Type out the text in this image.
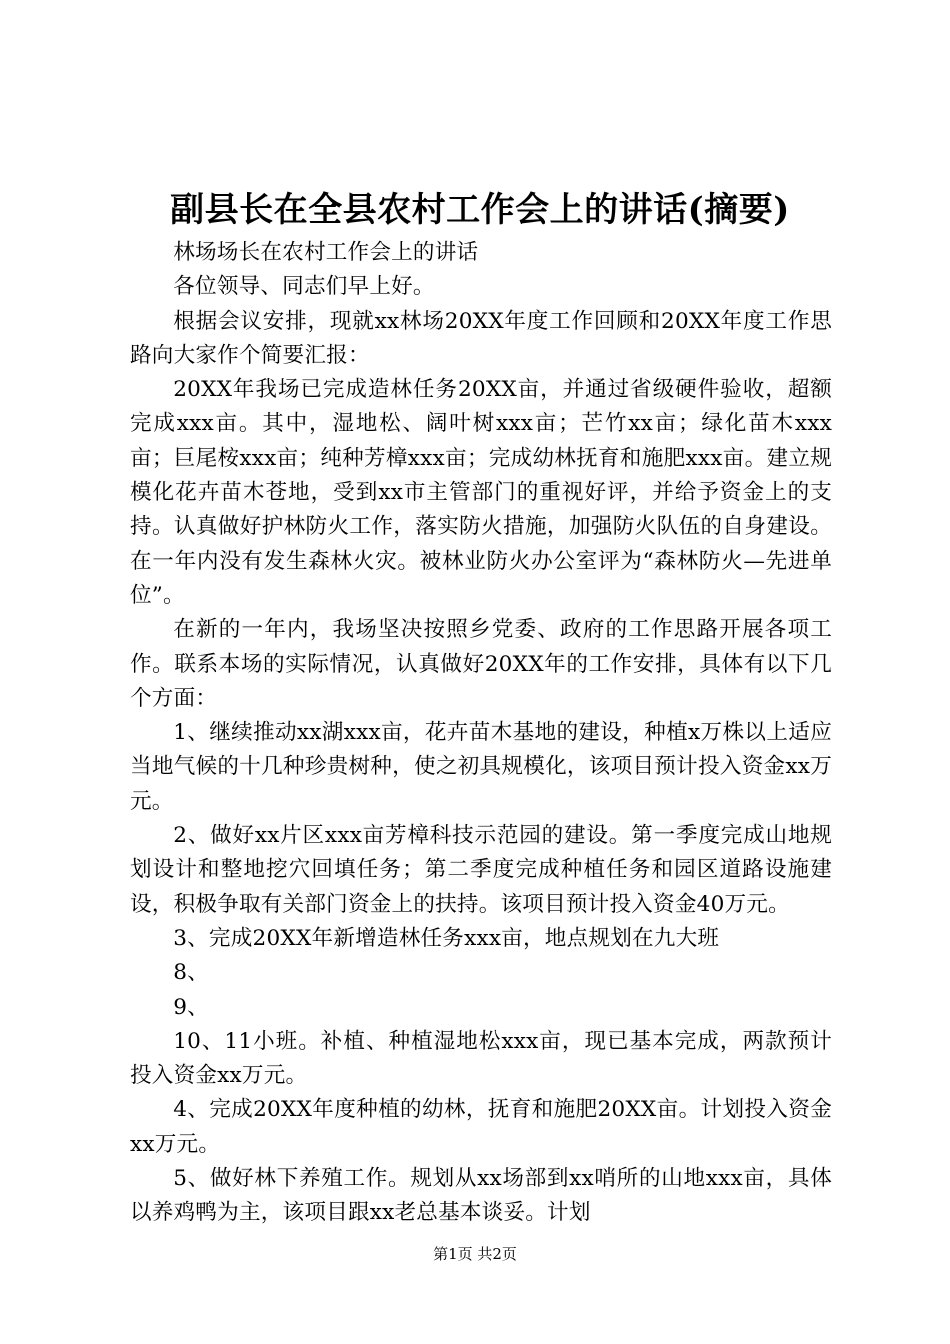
副县长在全县农村工作会上的讲话(摘要)

林场场长在农村工作会上的讲话

各位领导、同志们早上好。

根据会议安排，现就xx林场20XX年度工作回顾和20XX年度工作思路向大家作个简要汇报：

20XX年我场已完成造林任务20XX亩，并通过省级硬件验收，超额完成xxx亩。其中，湿地松、阔叶树xxx亩；芒竹xx亩；绿化苗木xxx亩；巨尾桉xxx亩；纯种芳樟xxx亩；完成幼林抚育和施肥xxx亩。建立规模化花卉苗木苍地，受到xx市主管部门的重视好评，并给予资金上的支持。认真做好护林防火工作，落实防火措施，加强防火队伍的自身建设。在一年内没有发生森林火灾。被林业防火办公室评为“森林防火—先进单位”。

在新的一年内，我场坚决按照乡党委、政府的工作思路开展各项工作。联系本场的实际情况，认真做好20XX年的工作安排，具体有以下几个方面：

1、继续推动xx湖xxx亩，花卉苗木基地的建设，种植x万株以上适应当地气候的十几种珍贵树种，使之初具规模化，该项目预计投入资金xx万元。

2、做好xx片区xxx亩芳樟科技示范园的建设。第一季度完成山地规划设计和整地挖穴回填任务；第二季度完成种植任务和园区道路设施建设，积极争取有关部门资金上的扶持。该项目预计投入资金40万元。

3、完成20XX年新增造林任务xxx亩，地点规划在九大班

8、

9、

10、11小班。补植、种植湿地松xxx亩，现已基本完成，两款预计投入资金xx万元。

4、完成20XX年度种植的幼林，抚育和施肥20XX亩。计划投入资金xx万元。

5、做好林下养殖工作。规划从xx场部到xx哨所的山地xxx亩，具体以养鸡鸭为主，该项目跟xx老总基本谈妥。计划

第1页 共2页
